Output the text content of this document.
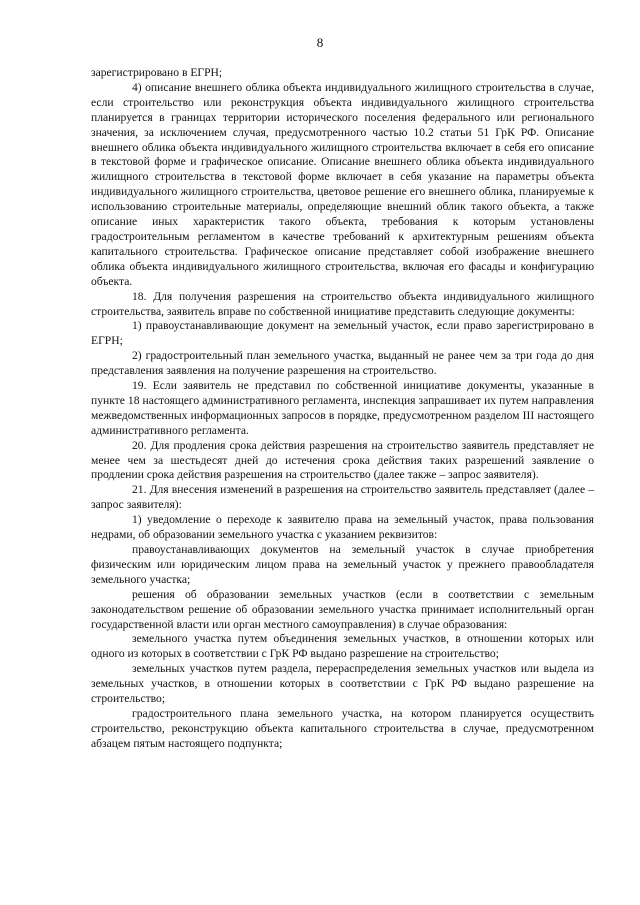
8

зарегистрировано в ЕГРН;

4) описание внешнего облика объекта индивидуального жилищного строительства в случае, если строительство или реконструкция объекта индивидуального жилищного строительства планируется в границах территории исторического поселения федерального или регионального значения, за исключением случая, предусмотренного частью 10.2 статьи 51 ГрК РФ. Описание внешнего облика объекта индивидуального жилищного строительства включает в себя его описание в текстовой форме и графическое описание. Описание внешнего облика объекта индивидуального жилищного строительства в текстовой форме включает в себя указание на параметры объекта индивидуального жилищного строительства, цветовое решение его внешнего облика, планируемые к использованию строительные материалы, определяющие внешний облик такого объекта, а также описание иных характеристик такого объекта, требования к которым установлены градостроительным регламентом в качестве требований к архитектурным решениям объекта капитального строительства. Графическое описание представляет собой изображение внешнего облика объекта индивидуального жилищного строительства, включая его фасады и конфигурацию объекта.

18. Для получения разрешения на строительство объекта индивидуального жилищного строительства, заявитель вправе по собственной инициативе представить следующие документы:

1) правоустанавливающие документ на земельный участок, если право зарегистрировано в ЕГРН;

2) градостроительный план земельного участка, выданный не ранее чем за три года до дня представления заявления на получение разрешения на строительство.

19. Если заявитель не представил по собственной инициативе документы, указанные в пункте 18 настоящего административного регламента, инспекция запрашивает их путем направления межведомственных информационных запросов в порядке, предусмотренном разделом III настоящего административного регламента.

20. Для продления срока действия разрешения на строительство заявитель представляет не менее чем за шестьдесят дней до истечения срока действия таких разрешений заявление о продлении срока действия разрешения на строительство (далее также – запрос заявителя).

21. Для внесения изменений в разрешения на строительство заявитель представляет (далее – запрос заявителя):

1) уведомление о переходе к заявителю права на земельный участок, права пользования недрами, об образовании земельного участка с указанием реквизитов:

правоустанавливающих документов на земельный участок в случае приобретения физическим или юридическим лицом права на земельный участок у прежнего правообладателя земельного участка;

решения об образовании земельных участков (если в соответствии с земельным законодательством решение об образовании земельного участка принимает исполнительный орган государственной власти или орган местного самоуправления) в случае образования:

земельного участка путем объединения земельных участков, в отношении которых или одного из которых в соответствии с ГрК РФ выдано разрешение на строительство;

земельных участков путем раздела, перераспределения земельных участков или выдела из земельных участков, в отношении которых в соответствии с ГрК РФ выдано разрешение на строительство;

градостроительного плана земельного участка, на котором планируется осуществить строительство, реконструкцию объекта капитального строительства в случае, предусмотренном абзацем пятым настоящего подпункта;
